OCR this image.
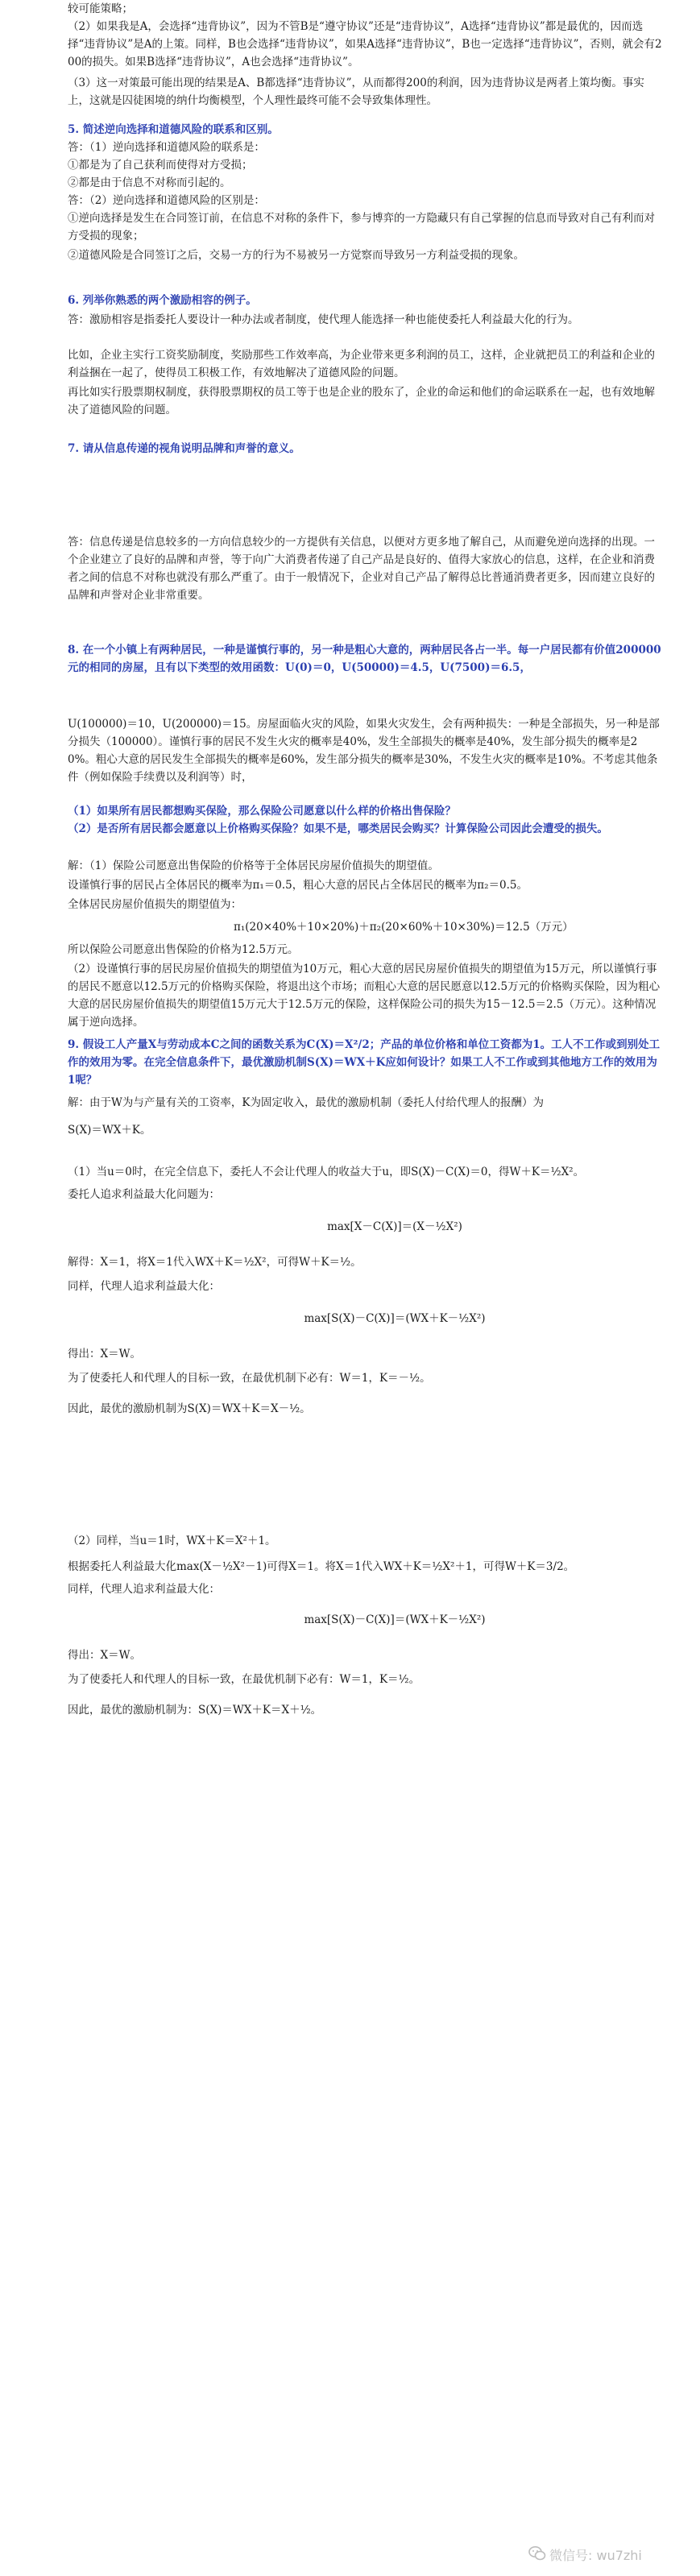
较可能策略；

（2）如果我是A，会选择“违背协议”，因为不管B是“遵守协议”还是“违背协议”，A选择“违背协议”都是最优的，因而选择“违背协议”是A的上策。同样，B也会选择“违背协议”，如果A选择“违背协议”，B也一定选择“违背协议”，否则，就会有200的损失。如果B选择“违背协议”，A也会选择“违背协议”。

（3）这一对策最可能出现的结果是A、B都选择“违背协议”，从而都得200的利润，因为违背协议是两者上策均衡。事实上，这就是囚徒困境的纳什均衡模型，个人理性最终可能不会导致集体理性。

5. 简述逆向选择和道德风险的联系和区别。

答：（1）逆向选择和道德风险的联系是：

①都是为了自己获利而使得对方受损；

②都是由于信息不对称而引起的。

答：（2）逆向选择和道德风险的区别是：

①逆向选择是发生在合同签订前，在信息不对称的条件下，参与博弈的一方隐藏只有自己掌握的信息而导致对自己有利而对方受损的现象；

②道德风险是合同签订之后，交易一方的行为不易被另一方觉察而导致另一方利益受损的现象。

6. 列举你熟悉的两个激励相容的例子。

答：激励相容是指委托人要设计一种办法或者制度，使代理人能选择一种也能使委托人利益最大化的行为。

比如，企业主实行工资奖励制度，奖励那些工作效率高，为企业带来更多利润的员工，这样，企业就把员工的利益和企业的利益捆在一起了，使得员工积极工作，有效地解决了道德风险的问题。

再比如实行股票期权制度，获得股票期权的员工等于也是企业的股东了，企业的命运和他们的命运联系在一起，也有效地解决了道德风险的问题。

7. 请从信息传递的视角说明品牌和声誉的意义。

答：信息传递是信息较多的一方向信息较少的一方提供有关信息，以便对方更多地了解自己，从而避免逆向选择的出现。一个企业建立了良好的品牌和声誉，等于向广大消费者传递了自己产品是良好的、值得大家放心的信息，这样，在企业和消费者之间的信息不对称也就没有那么严重了。由于一般情况下，企业对自己产品了解得总比普通消费者更多，因而建立良好的品牌和声誉对企业非常重要。

8. 在一个小镇上有两种居民，一种是谨慎行事的，另一种是粗心大意的，两种居民各占一半。每一户居民都有价值200000元的相同的房屋，且有以下类型的效用函数：U(0)＝0，U(50000)＝4.5，U(7500)＝6.5，

U(100000)＝10，U(200000)＝15。房屋面临火灾的风险，如果火灾发生，会有两种损失：一种是全部损失，另一种是部分损失（100000）。谨慎行事的居民不发生火灾的概率是40%，发生全部损失的概率是40%，发生部分损失的概率是20%。粗心大意的居民发生全部损失的概率是60%，发生部分损失的概率是30%，不发生火灾的概率是10%。不考虑其他条件（例如保险手续费以及利润等）时，

（1）如果所有居民都想购买保险，那么保险公司愿意以什么样的价格出售保险？

（2）是否所有居民都会愿意以上价格购买保险？如果不是，哪类居民会购买？计算保险公司因此会遭受的损失。

解：（1）保险公司愿意出售保险的价格等于全体居民房屋价值损失的期望值。

设谨慎行事的居民占全体居民的概率为π₁＝0.5，粗心大意的居民占全体居民的概率为π₂＝0.5。

全体居民房屋价值损失的期望值为：

π₁(20×40%＋10×20%)＋π₂(20×60%＋10×30%)＝12.5（万元）

所以保险公司愿意出售保险的价格为12.5万元。

（2）设谨慎行事的居民房屋价值损失的期望值为10万元，粗心大意的居民房屋价值损失的期望值为15万元，所以谨慎行事的居民不愿意以12.5万元的价格购买保险，将退出这个市场；而粗心大意的居民愿意以12.5万元的价格购买保险，因为粗心大意的居民房屋价值损失的期望值15万元大于12.5万元的保险，这样保险公司的损失为15－12.5＝2.5（万元）。这种情况属于逆向选择。

9. 假设工人产量X与劳动成本C之间的函数关系为C(X)＝X²/2；产品的单位价格和单位工资都为1。工人不工作或到别处工作的效用为零。在完全信息条件下，最优激励机制S(X)＝WX＋K应如何设计？如果工人不工作或到其他地方工作的效用为1呢？

解：由于W为与产量有关的工资率，K为固定收入，最优的激励机制（委托人付给代理人的报酬）为

S(X)＝WX＋K。

（1）当u＝0时，在完全信息下，委托人不会让代理人的收益大于u，即S(X)－C(X)＝0，得W＋K＝½X²。

委托人追求利益最大化问题为：

max[X－C(X)]＝(X－½X²)

解得：X＝1，将X＝1代入WX＋K＝½X²，可得W＋K＝½。

同样，代理人追求利益最大化：

max[S(X)－C(X)]＝(WX＋K－½X²)

得出：X＝W。

为了使委托人和代理人的目标一致，在最优机制下必有：W＝1，K＝－½。

因此，最优的激励机制为S(X)＝WX＋K＝X－½。

（2）同样，当u＝1时，WX＋K＝X²＋1。

根据委托人利益最大化max(X－½X²－1)可得X＝1。将X＝1代入WX＋K＝½X²＋1，可得W＋K＝3/2。

同样，代理人追求利益最大化：

max[S(X)－C(X)]＝(WX＋K－½X²)

得出：X＝W。

为了使委托人和代理人的目标一致，在最优机制下必有：W＝1，K＝½。

因此，最优的激励机制为：S(X)＝WX＋K＝X＋½。

微信号: wu7zhi
